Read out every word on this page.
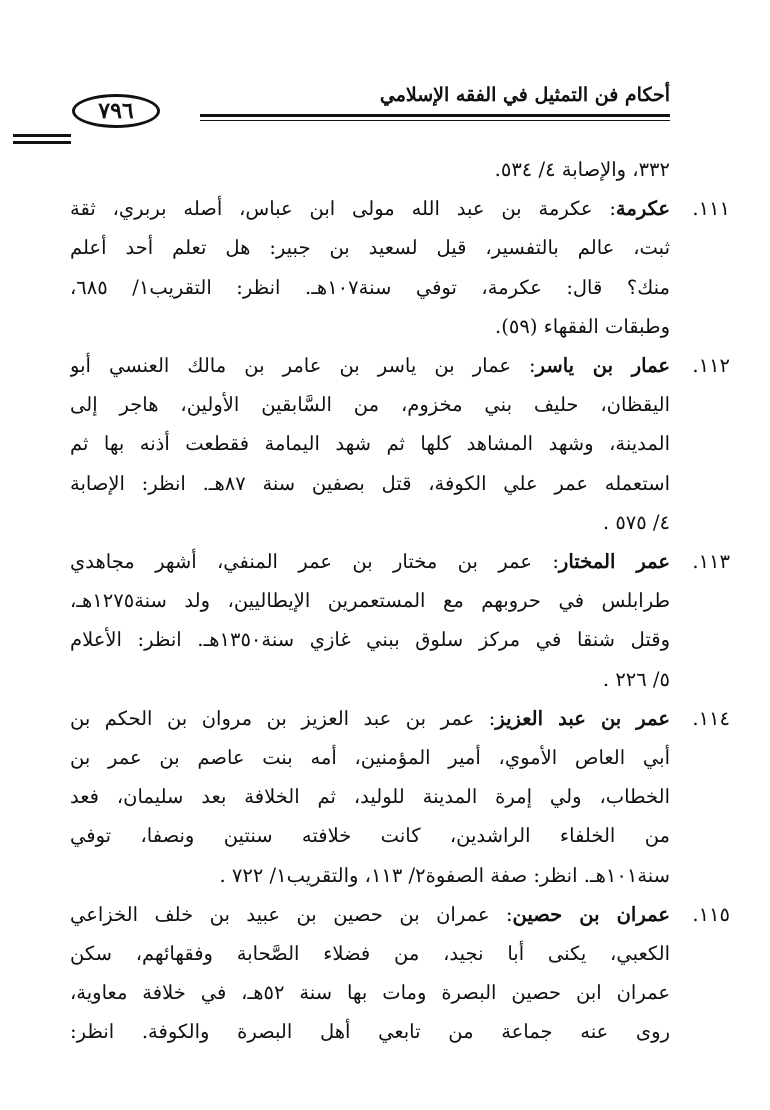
أحكام فن التمثيل في الفقه الإسلامي
٧٩٦
٣٣٢، والإصابة ٤/ ٥٣٤.
١١١.
عكرمة: عكرمة بن عبد الله مولى ابن عباس، أصله بربري، ثقة
ثبت، عالم بالتفسير، قيل لسعيد بن جبير: هل تعلم أحد أعلم
منك؟ قال: عكرمة، توفي سنة١٠٧هـ. انظر: التقريب١/ ٦٨٥،
وطبقات الفقهاء (٥٩).
١١٢.
عمار بن ياسر: عمار بن ياسر بن عامر بن مالك العنسي أبو
اليقظان، حليف بني مخزوم، من السَّابقين الأولين، هاجر إلى
المدينة، وشهد المشاهد كلها ثم شهد اليمامة فقطعت أذنه بها ثم
استعمله عمر علي الكوفة، قتل بصفين سنة ٨٧هـ. انظر: الإصابة
٤/ ٥٧٥ .
١١٣.
عمر المختار: عمر بن مختار بن عمر المنفي، أشهر مجاهدي
طرابلس في حروبهم مع المستعمرين الإيطاليين، ولد سنة١٢٧٥هـ،
وقتل شنقا في مركز سلوق ببني غازي سنة١٣٥٠هـ. انظر: الأعلام
٥/ ٢٢٦ .
١١٤.
عمر بن عبد العزيز: عمر بن عبد العزيز بن مروان بن الحكم بن
أبي العاص الأموي، أمير المؤمنين، أمه بنت عاصم بن عمر بن
الخطاب، ولي إمرة المدينة للوليد، ثم الخلافة بعد سليمان، فعد
من الخلفاء الراشدين، كانت خلافته سنتين ونصفا، توفي
سنة١٠١هـ. انظر: صفة الصفوة٢/ ١١٣، والتقريب١/ ٧٢٢ .
١١٥.
عمران بن حصين: عمران بن حصين بن عبيد بن خلف الخزاعي
الكعبي، يكنى أبا نجيد، من فضلاء الصَّحابة وفقهائهم، سكن
عمران ابن حصين البصرة ومات بها سنة ٥٢هـ، في خلافة معاوية،
روى عنه جماعة من تابعي أهل البصرة والكوفة. انظر:
